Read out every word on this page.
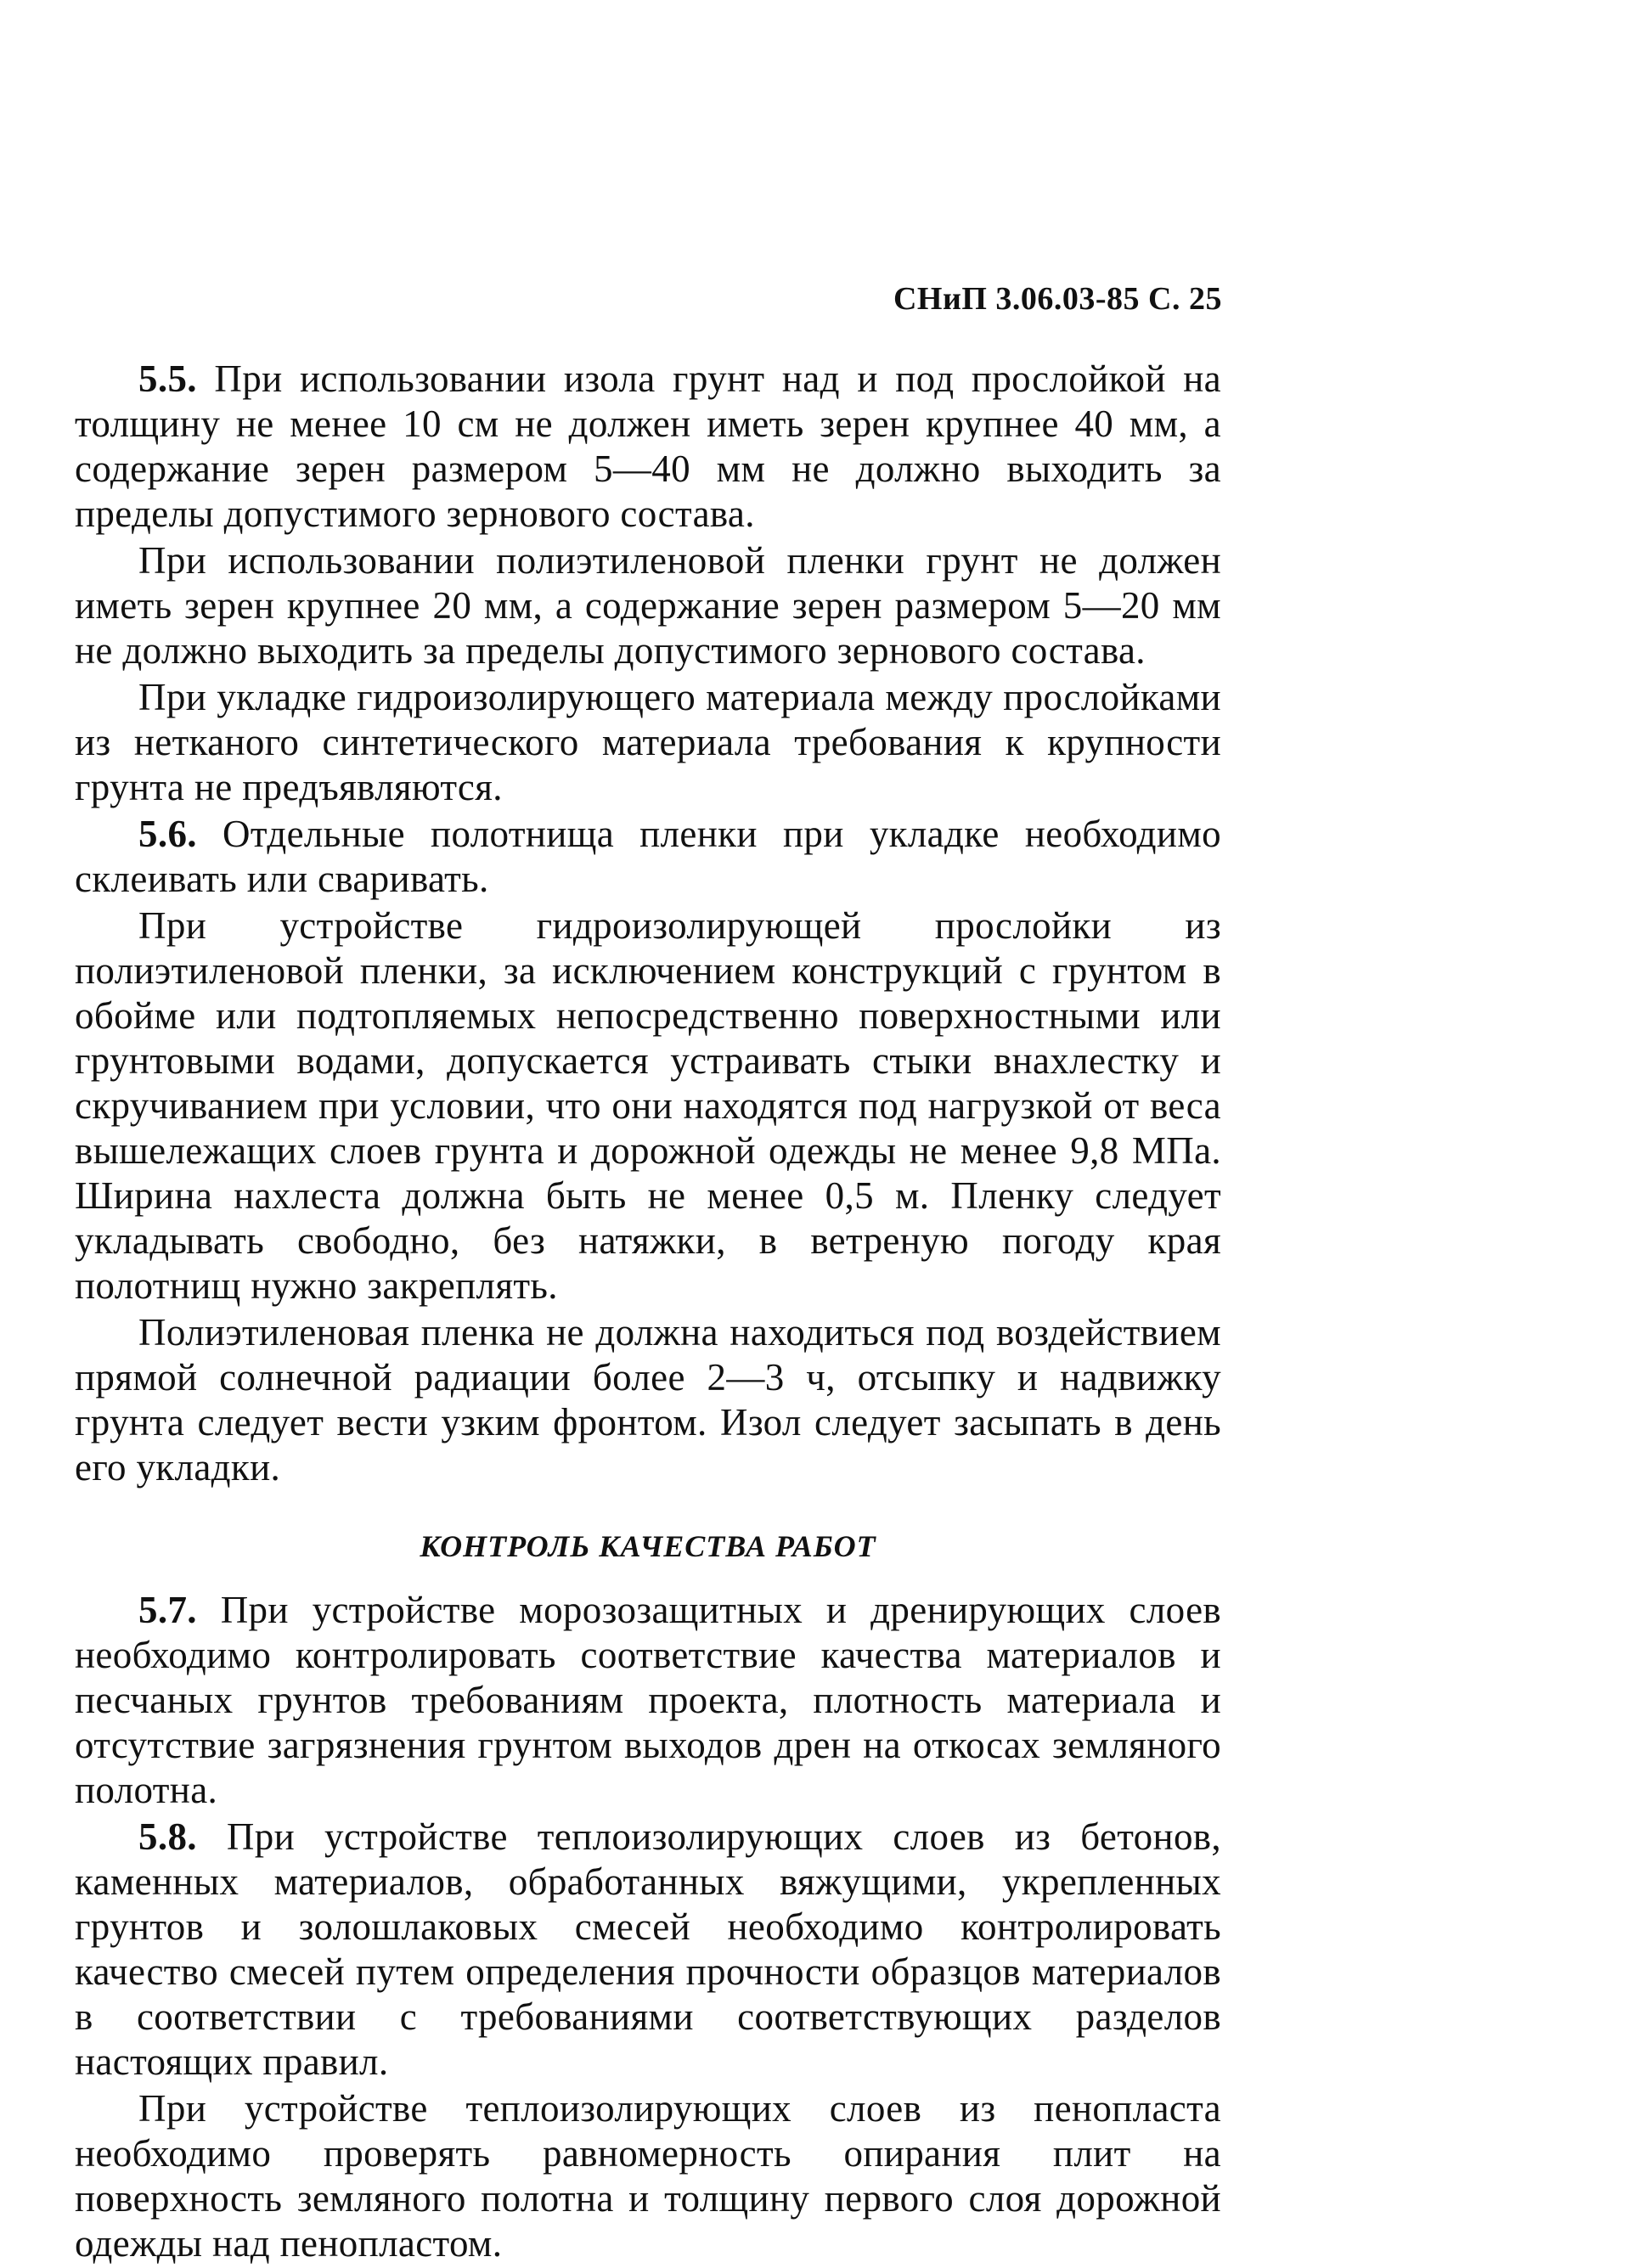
СНиП 3.06.03-85 С. 25

5.5. При использовании изола грунт над и под прослойкой на толщину не менее 10 см не должен иметь зерен крупнее 40 мм, а содержание зерен размером 5—40 мм не должно выходить за пределы допустимого зернового состава.

При использовании полиэтиленовой пленки грунт не должен иметь зерен крупнее 20 мм, а содержание зерен размером 5—20 мм не должно выходить за пределы допустимого зернового состава.

При укладке гидроизолирующего материала между прослойками из нетканого синтетического материала требования к крупности грунта не предъявляются.

5.6. Отдельные полотнища пленки при укладке необходимо склеивать или сваривать.

При устройстве гидроизолирующей прослойки из полиэтиленовой пленки, за исключением конструкций с грунтом в обойме или подтопляемых непосредственно поверхностными или грунтовыми водами, допускается устраивать стыки внахлестку и скручиванием при условии, что они находятся под нагрузкой от веса вышележащих слоев грунта и дорожной одежды не менее 9,8 МПа. Ширина нахлеста должна быть не менее 0,5 м. Пленку следует укладывать свободно, без натяжки, в ветреную погоду края полотнищ нужно закреплять.

Полиэтиленовая пленка не должна находиться под воздействием прямой солнечной радиации более 2—3 ч, отсыпку и надвижку грунта следует вести узким фронтом. Изол следует засыпать в день его укладки.

КОНТРОЛЬ КАЧЕСТВА РАБОТ

5.7. При устройстве морозозащитных и дренирующих слоев необходимо контролировать соответствие качества материалов и песчаных грунтов требованиям проекта, плотность материала и отсутствие загрязнения грунтом выходов дрен на откосах земляного полотна.

5.8. При устройстве теплоизолирующих слоев из бетонов, каменных материалов, обработанных вяжущими, укрепленных грунтов и золошлаковых смесей необходимо контролировать качество смесей путем определения прочности образцов материалов в соответствии с требованиями соответствующих разделов настоящих правил.

При устройстве теплоизолирующих слоев из пенопласта необходимо проверять равномерность опирания плит на поверхность земляного полотна и толщину первого слоя дорожной одежды над пенопластом.
